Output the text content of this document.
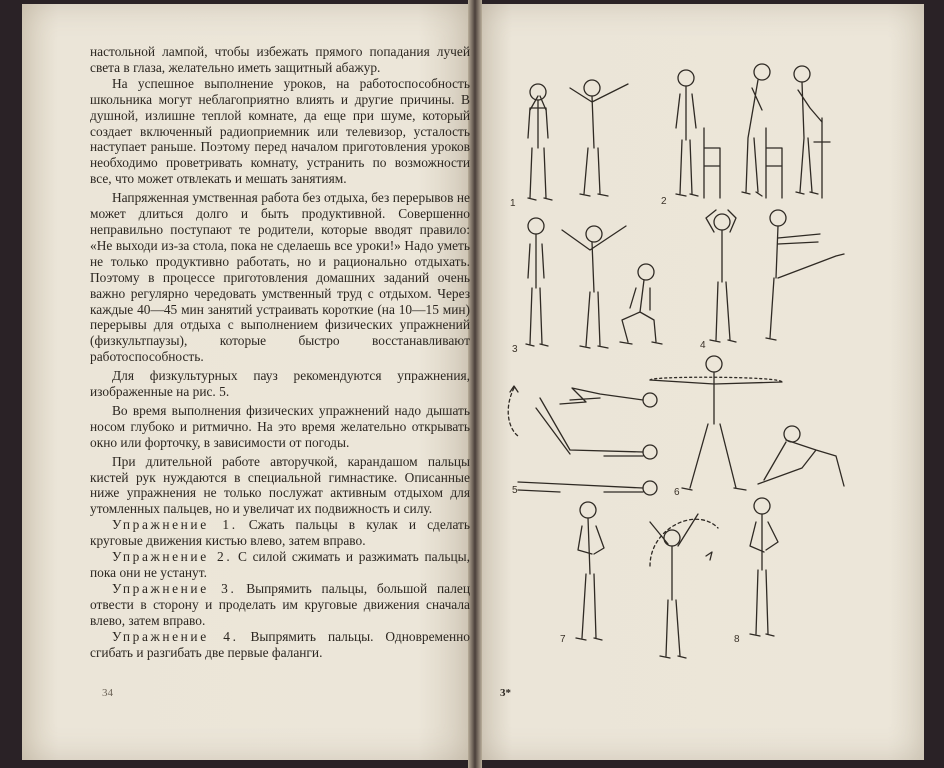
настольной лампой, чтобы избежать прямого попадания лучей света в глаза, желательно иметь защитный абажур.

На успешное выполнение уроков, на работоспособность школьника могут неблагоприятно влиять и другие причины. В душной, излишне теплой комнате, да еще при шуме, который создает включенный радиоприемник или телевизор, усталость наступает раньше. Поэтому перед началом приготовления уроков необходимо проветривать комнату, устранить по возможности все, что может отвлекать и мешать занятиям.

Напряженная умственная работа без отдыха, без перерывов не может длиться долго и быть продуктивной. Совершенно неправильно поступают те родители, которые вводят правило: «Не выходи из-за стола, пока не сделаешь все уроки!» Надо уметь не только продуктивно работать, но и рационально отдыхать. Поэтому в процессе приготовления домашних заданий очень важно регулярно чередовать умственный труд с отдыхом. Через каждые 40—45 мин занятий устраивать короткие (на 10—15 мин) перерывы для отдыха с выполнением физических упражнений (физкультпаузы), которые быстро восстанавливают работоспособность.

Для физкультурных пауз рекомендуются упражнения, изображенные на рис. 5.

Во время выполнения физических упражнений надо дышать носом глубоко и ритмично. На это время желательно открывать окно или форточку, в зависимости от погоды.

При длительной работе авторучкой, карандашом пальцы кистей рук нуждаются в специальной гимнастике. Описанные ниже упражнения не только послужат активным отдыхом для утомленных пальцев, но и увеличат их подвижность и силу.

Упражнение 1. Сжать пальцы в кулак и сделать круговые движения кистью влево, затем вправо.

Упражнение 2. С силой сжимать и разжимать пальцы, пока они не устанут.

Упражнение 3. Выпрямить пальцы, большой палец отвести в сторону и проделать им круговые движения сначала влево, затем вправо.

Упражнение 4. Выпрямить пальцы. Одновременно сгибать и разгибать две первые фаланги.

34	3*
1	2
3	4
5	6
7	8
